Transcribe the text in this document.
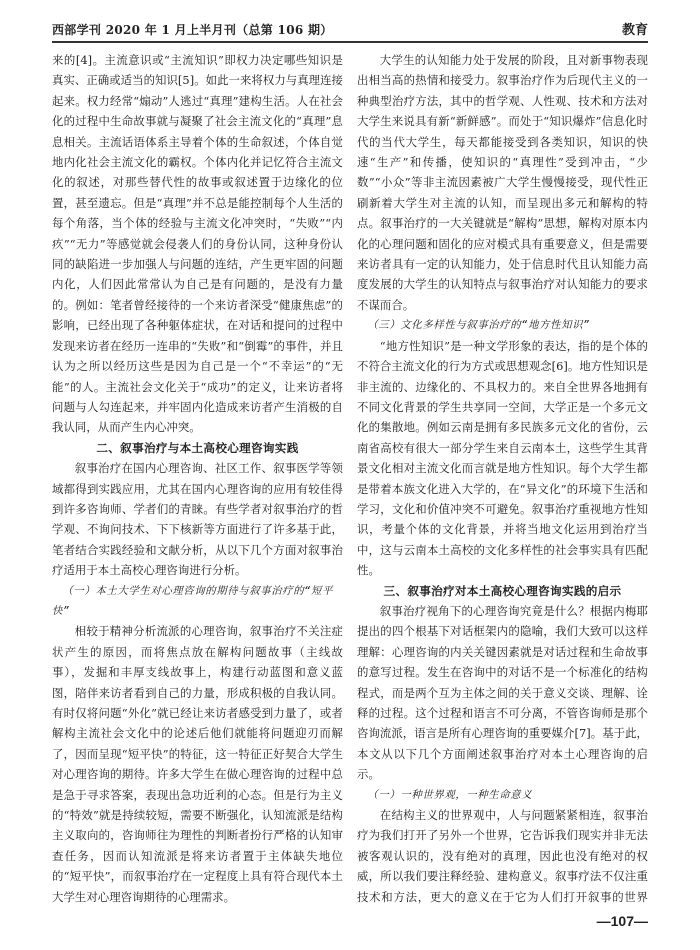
西部学刊 2020 年 1 月上半月刊（总第 106 期）	教育

来的[4]。主流意识或“主流知识”即权力决定哪些知识是真实、正确或适当的知识[5]。如此一来将权力与真理连接起来。权力经常“煽动”人逃过“真理”建构生活。人在社会化的过程中生命故事就与凝聚了社会主流文化的“真理”息息相关。主流话语体系主导着个体的生命叙述，个体自觉地内化社会主流文化的霸权。个体内化并记忆符合主流文化的叙述，对那些替代性的故事或叙述置于边缘化的位置，甚至遗忘。但是“真理”并不总是能控制每个人生活的每个角落，当个体的经验与主流文化冲突时，“失败”“内疚”“无力”等感觉就会侵袭人们的身份认同，这种身份认同的缺陷进一步加强人与问题的连结，产生更牢固的问题内化，人们因此常常认为自己是有问题的，是没有力量的。例如：笔者曾经接待的一个来访者深受“健康焦虑”的影响，已经出现了各种躯体症状，在对话和提问的过程中发现来访者在经历一连串的“失败”和“倒霉”的事件，并且认为之所以经历这些是因为自己是一个“不幸运”的“无能”的人。主流社会文化关于“成功”的定义，让来访者将问题与人勾连起来，并牢固内化造成来访者产生消极的自我认同，从而产生内心冲突。

二、叙事治疗与本土高校心理咨询实践

叙事治疗在国内心理咨询、社区工作、叙事医学等领域都得到实践应用，尤其在国内心理咨询的应用有较佳得到许多咨询师、学者们的青睐。有些学者对叙事治疗的哲学观、不询问技术、下下核新等方面进行了许多基于此，笔者结合实践经验和文献分析，从以下几个方面对叙事治疗适用于本土高校心理咨询进行分析。

（一）本土大学生对心理咨询的期待与叙事治疗的“短平快”

相较于精神分析流派的心理咨询，叙事治疗不关注症状产生的原因，而将焦点放在解构问题故事（主线故事），发掘和丰厚支线故事上，构建行动蓝图和意义蓝图，陪伴来访者看到自己的力量，形成积极的自我认同。有时仅将问题“外化”就已经让来访者感受到力量了，或者解构主流社会文化中的论述后他们就能将问题迎刃而解了，因而呈现“短平快”的特征，这一特征正好契合大学生对心理咨询的期待。许多大学生在做心理咨询的过程中总是急于寻求答案，表现出急功近利的心态。但是行为主义的“特效”就是持续较短，需要不断强化，认知流派是结构主义取向的，咨询师往为理性的判断者扮行严格的认知审查任务，因而认知流派是将来访者置于主体缺失地位的“短平快”，而叙事治疗在一定程度上具有符合现代本土大学生对心理咨询期待的心理需求。

大学生的认知能力处于发展的阶段，且对新事物表现出相当高的热情和接受力。叙事治疗作为后现代主义的一种典型治疗方法，其中的哲学观、人性观、技术和方法对大学生来说具有新“新鲜感”。而处于“知识爆炸”信息化时代的当代大学生，每天都能接受到各类知识，知识的快速“生产”和传播，使知识的“真理性”受到冲击，“少数”“小众”等非主流因素被广大学生慢慢接受，现代性正刷新着大学生对主流的认知，而呈现出多元和解构的特点。叙事治疗的一大关键就是“解构”思想，解构对原本内化的心理问题和固化的应对模式具有重要意义，但是需要来访者具有一定的认知能力，处于信息时代且认知能力高度发展的大学生的认知特点与叙事治疗对认知能力的要求不谋而合。

（三）文化多样性与叙事治疗的“地方性知识”

“地方性知识”是一种文学形象的表达，指的是个体的不符合主流文化的行为方式或思想观念[6]。地方性知识是非主流的、边缘化的、不具权力的。来自全世界各地拥有不同文化背景的学生共享同一空间，大学正是一个多元文化的集散地。例如云南是拥有多民族多元文化的省份，云南省高校有很大一部分学生来自云南本土，这些学生其背景文化相对主流文化而言就是地方性知识。每个大学生都是带着本族文化进入大学的，在“异文化”的环境下生活和学习，文化和价值冲突不可避免。叙事治疗重视地方性知识，考量个体的文化背景，并将当地文化运用到治疗当中，这与云南本土高校的文化多样性的社会事实具有匹配性。

三、叙事治疗对本土高校心理咨询实践的启示

叙事治疗视角下的心理咨询究竟是什么？根据内梅耶提出的四个根基下对话框架内的隐喻，我们大致可以这样理解：心理咨询的内关关键因素就是对话过程和生命故事的意写过程。发生在咨询中的对话不是一个标准化的结构程式，而是两个互为主体之间的关于意义交谈、理解、诠释的过程。这个过程和语言不可分离，不管咨询师是那个咨询流派，语言是所有心理咨询的重要媒介[7]。基于此，本文从以下几个方面阐述叙事治疗对本土心理咨询的启示。

（一）一种世界观，一种生命意义

在结构主义的世界观中，人与问题紧紧相连，叙事治疗为我们打开了另外一个世界，它告诉我们现实并非无法被客观认识的，没有绝对的真理，因此也没有绝对的权威，所以我们要注释经验、建构意义。叙事疗法不仅注重技术和方法，更大的意义在于它为人们打开叙事的世界

—107—
